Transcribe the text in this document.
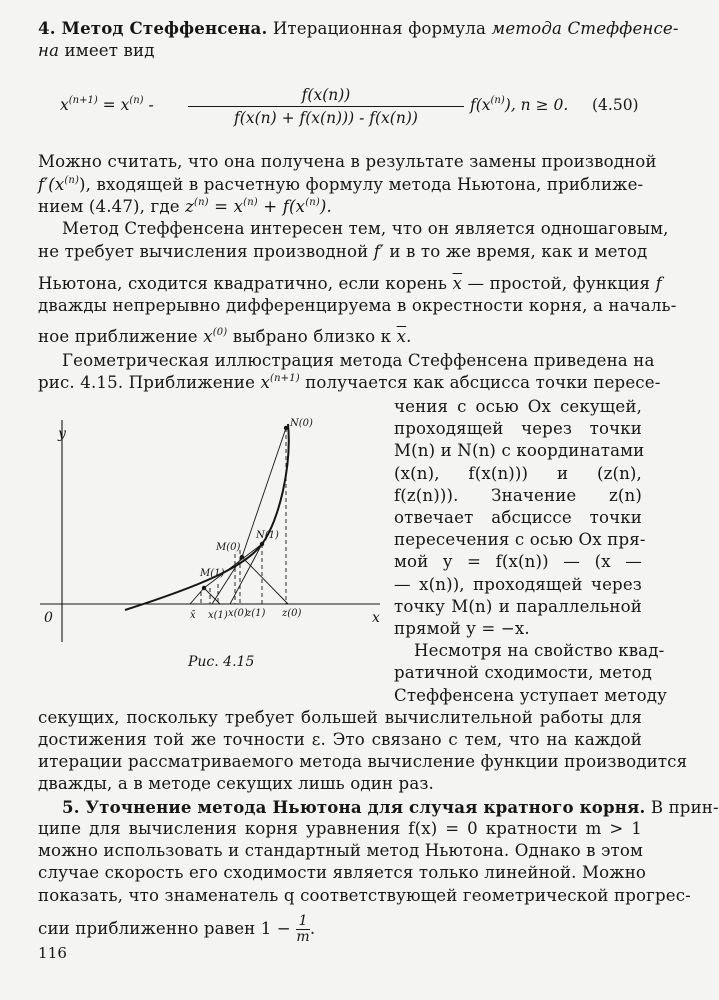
4. Метод Стеффенсена. Итерационная формула метода Стеффенсе-
на имеет вид
$x^{(n+1)} = x^{(n)}$ -
f(x(n))
f(x(n) + f(x(n))) - f(x(n))
$f(x^{(n)})$, n ≥ 0. (4.50)
Можно считать, что она получена в результате замены производной
$f'(x^{(n)})$, входящей в расчетную формулу метода Ньютона, приближе-
нием (4.47), где $z^{(n)} = x^{(n)} + f(x^{(n)})$.
Метод Стеффенсена интересен тем, что он является одношаговым,
не требует вычисления производной f′ и в то же время, как и метод
Ньютона, сходится квадратично, если корень $\overline{x}$ — простой, функция f
дважды непрерывно дифференцируема в окрестности корня, а началь-
ное приближение $x^{(0)}$ выбрано близко к $\overline{x}$.
Геометрическая иллюстрация метода Стеффенсена приведена на
рис. 4.15. Приближение $x^{(n+1)}$ получается как абсцисса точки пересе-
чения с осью Ox секущей,
проходящей через точки
M(n) и N(n) с координатами
(x(n), f(x(n))) и (z(n),
f(z(n))). Значение z(n)
отвечает абсциссе точки
пересечения с осью Ox пря-
мой y = f(x(n)) — (x —
— x(n)), проходящей через
точку M(n) и параллельной
прямой y = −x.
Несмотря на свойство квад-
ратичной сходимости, метод
Стеффенсена уступает методу
секущих, поскольку требует большей вычислительной работы для
достижения той же точности ε. Это связано с тем, что на каждой
итерации рассматриваемого метода вычисление функции производится
дважды, а в методе секущих лишь один раз.
5. Уточнение метода Ньютона для случая кратного корня. В прин-
ципе для вычисления корня уравнения f(x) = 0 кратности m > 1
можно использовать и стандартный метод Ньютона. Однако в этом
случае скорость его сходимости является только линейной. Можно
показать, что знаменатель q соответствующей геометрической прогрес-
сии приближенно равен $1 - \frac{1}{m}$ .
116
y
x
0
N(0)
M(0)
N(1)
M(1)
x(1) x(0)
z(1) z(0)
x̄
Рис. 4.15
